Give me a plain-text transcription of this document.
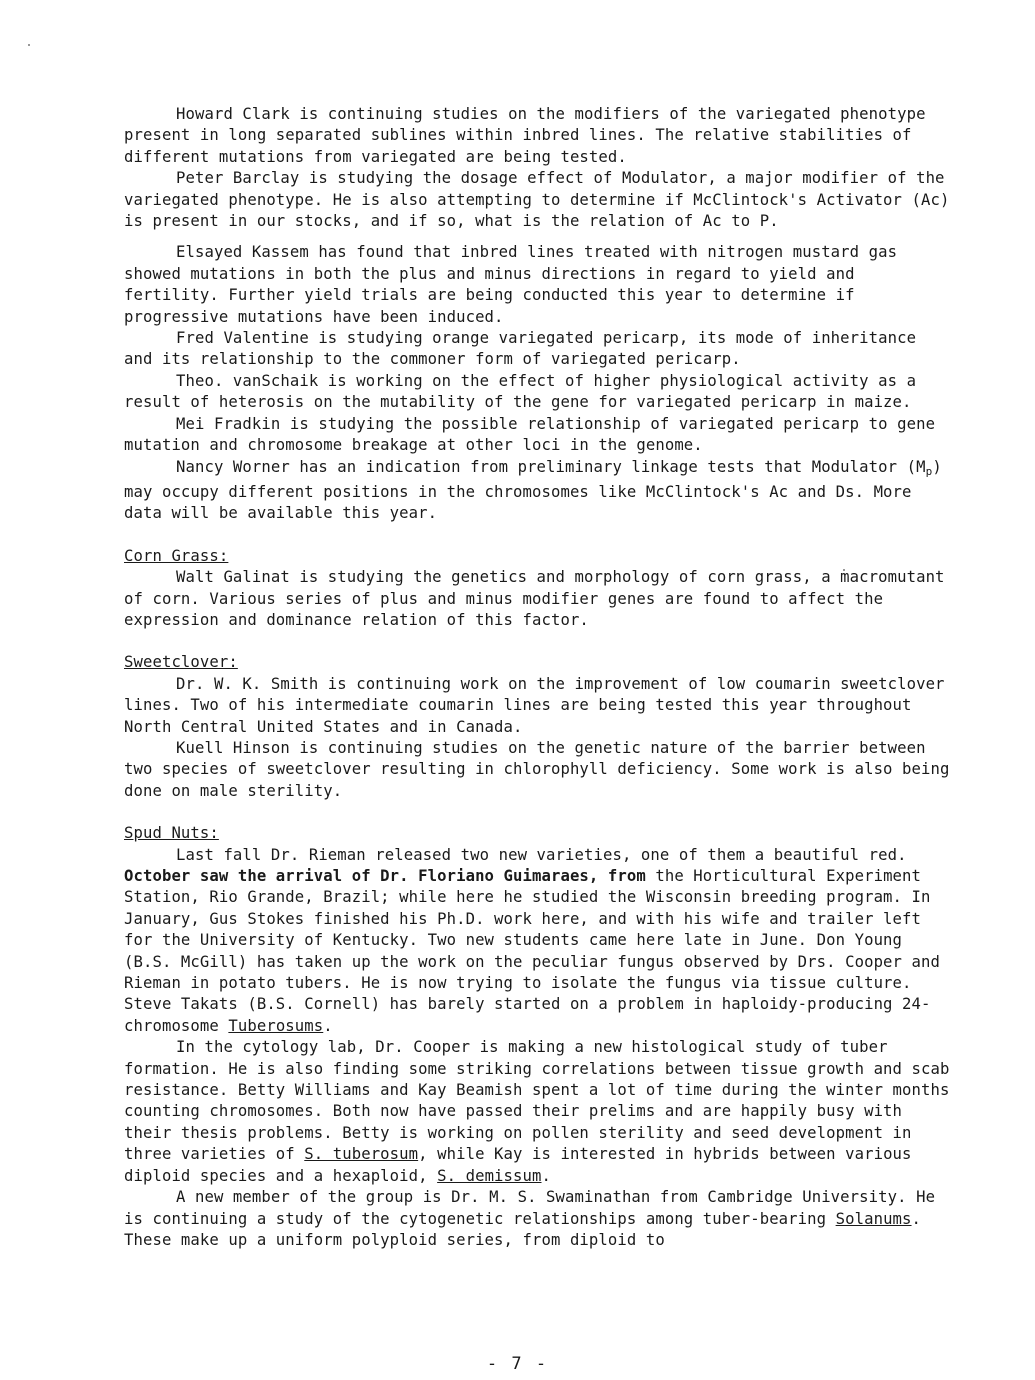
Howard Clark is continuing studies on the modifiers of the variegated phenotype present in long separated sublines within inbred lines. The relative stabilities of different mutations from variegated are being tested.

Peter Barclay is studying the dosage effect of Modulator, a major modifier of the variegated phenotype. He is also attempting to determine if McClintock's Activator (Ac) is present in our stocks, and if so, what is the relation of Ac to P.

Elsayed Kassem has found that inbred lines treated with nitrogen mustard gas showed mutations in both the plus and minus directions in regard to yield and fertility. Further yield trials are being conducted this year to determine if progressive mutations have been induced.

Fred Valentine is studying orange variegated pericarp, its mode of inheritance and its relationship to the commoner form of variegated pericarp.

Theo. vanSchaik is working on the effect of higher physiological activity as a result of heterosis on the mutability of the gene for variegated pericarp in maize.

Mei Fradkin is studying the possible relationship of variegated pericarp to gene mutation and chromosome breakage at other loci in the genome.

Nancy Worner has an indication from preliminary linkage tests that Modulator $(M_p)$ may occupy different positions in the chromosomes like McClintock's Ac and Ds. More data will be available this year.

Corn Grass:

Walt Galinat is studying the genetics and morphology of corn grass, a macromutant of corn. Various series of plus and minus modifier genes are found to affect the expression and dominance relation of this factor.

Sweetclover:

Dr. W. K. Smith is continuing work on the improvement of low coumarin sweetclover lines. Two of his intermediate coumarin lines are being tested this year throughout North Central United States and in Canada.

Kuell Hinson is continuing studies on the genetic nature of the barrier between two species of sweetclover resulting in chlorophyll deficiency. Some work is also being done on male sterility.

Spud Nuts:

Last fall Dr. Rieman released two new varieties, one of them a beautiful red. October saw the arrival of Dr. Floriano Guimaraes, from the Horticultural Experiment Station, Rio Grande, Brazil; while here he studied the Wisconsin breeding program. In January, Gus Stokes finished his Ph.D. work here, and with his wife and trailer left for the University of Kentucky. Two new students came here late in June. Don Young (B.S. McGill) has taken up the work on the peculiar fungus observed by Drs. Cooper and Rieman in potato tubers. He is now trying to isolate the fungus via tissue culture. Steve Takats (B.S. Cornell) has barely started on a problem in haploidy-producing 24-chromosome Tuberosums.

In the cytology lab, Dr. Cooper is making a new histological study of tuber formation. He is also finding some striking correlations between tissue growth and scab resistance. Betty Williams and Kay Beamish spent a lot of time during the winter months counting chromosomes. Both now have passed their prelims and are happily busy with their thesis problems. Betty is working on pollen sterility and seed development in three varieties of S. tuberosum, while Kay is interested in hybrids between various diploid species and a hexaploid, S. demissum.

A new member of the group is Dr. M. S. Swaminathan from Cambridge University. He is continuing a study of the cytogenetic relationships among tuber-bearing Solanums. These make up a uniform polyploid series, from diploid to

- 7 -
